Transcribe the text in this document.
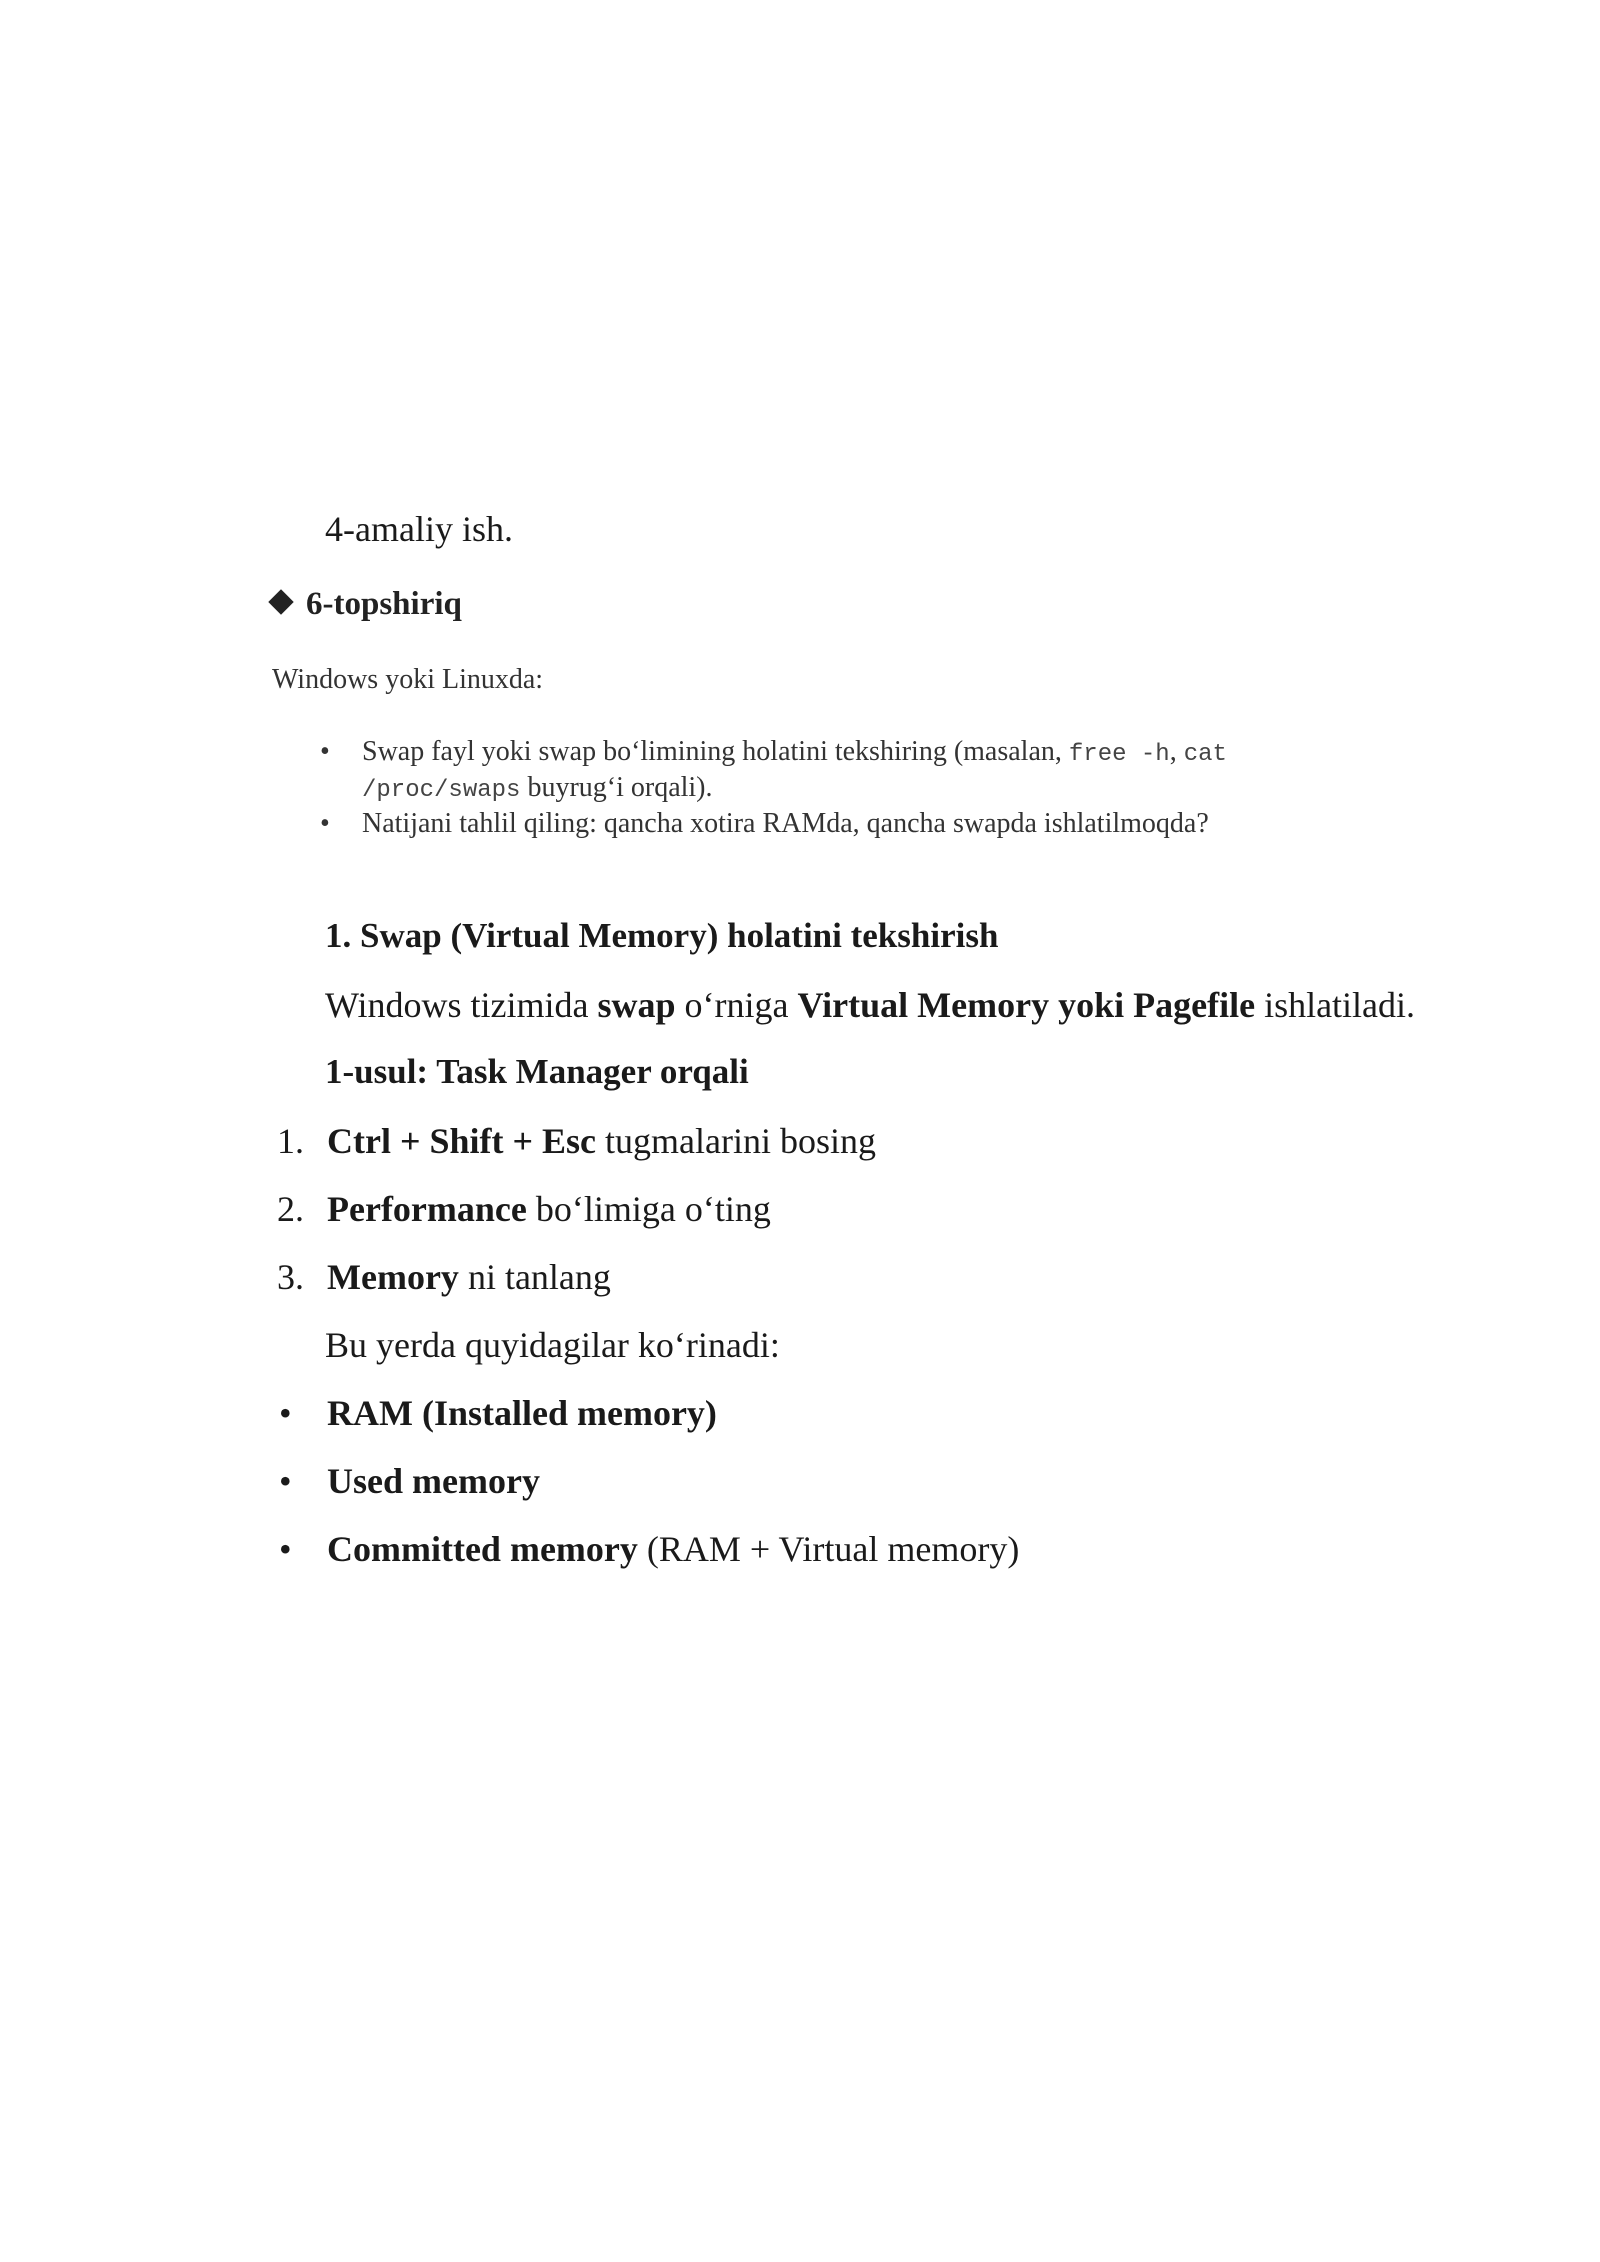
4-amaliy ish.
6-topshiriq
Windows yoki Linuxda:
• Swap fayl yoki swap bo‘limining holatini tekshiring (masalan, free -h, cat
/proc/swaps buyrug‘i orqali).
• Natijani tahlil qiling: qancha xotira RAMda, qancha swapda ishlatilmoqda?
1. Swap (Virtual Memory) holatini tekshirish
Windows tizimida swap o‘rniga Virtual Memory yoki Pagefile ishlatiladi.
1-usul: Task Manager orqali
1. Ctrl + Shift + Esc tugmalarini bosing
2. Performance bo‘limiga o‘ting
3. Memory ni tanlang
Bu yerda quyidagilar ko‘rinadi:
• RAM (Installed memory)
• Used memory
• Committed memory (RAM + Virtual memory)
